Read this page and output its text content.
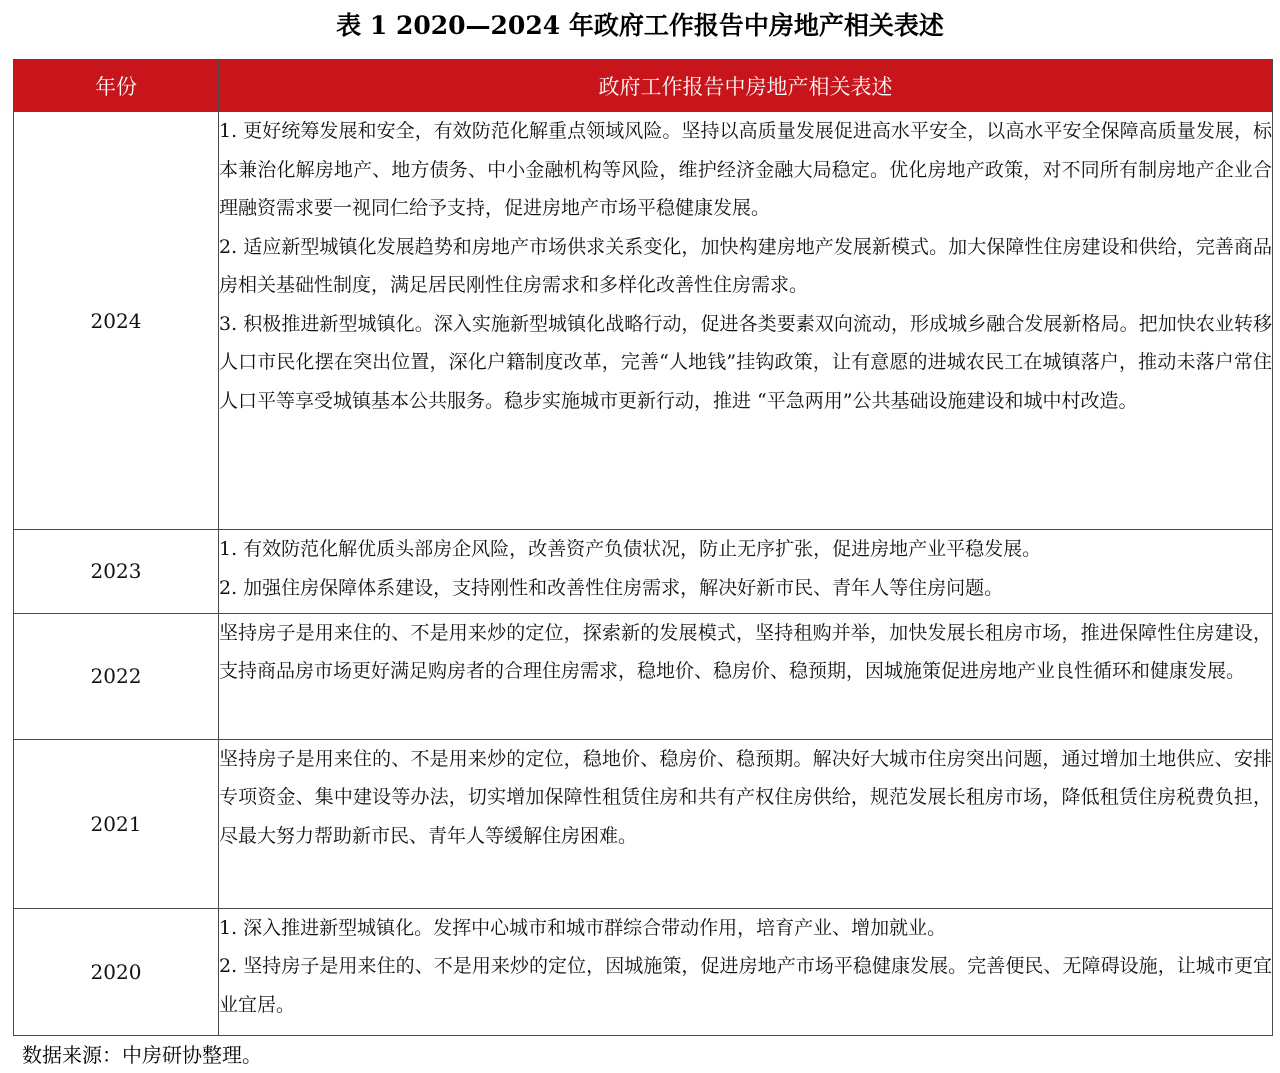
表 1 2020—2024 年政府工作报告中房地产相关表述
年份	政府工作报告中房地产相关表述
2024	1. 更好统筹发展和安全，有效防范化解重点领域风险。坚持以高质量发展促进高水平安全，以高水平安全保障高质量发展，标本兼治化解房地产、地方债务、中小金融机构等风险，维护经济金融大局稳定。优化房地产政策，对不同所有制房地产企业合理融资需求要一视同仁给予支持，促进房地产市场平稳健康发展。

2. 适应新型城镇化发展趋势和房地产市场供求关系变化，加快构建房地产发展新模式。加大保障性住房建设和供给，完善商品房相关基础性制度，满足居民刚性住房需求和多样化改善性住房需求。

3. 积极推进新型城镇化。深入实施新型城镇化战略行动，促进各类要素双向流动，形成城乡融合发展新格局。把加快农业转移人口市民化摆在突出位置，深化户籍制度改革，完善“人地钱”挂钩政策，让有意愿的进城农民工在城镇落户，推动未落户常住人口平等享受城镇基本公共服务。稳步实施城市更新行动，推进 “平急两用”公共基础设施建设和城中村改造。

2023	1. 有效防范化解优质头部房企风险，改善资产负债状况，防止无序扩张，促进房地产业平稳发展。

2. 加强住房保障体系建设，支持刚性和改善性住房需求，解决好新市民、青年人等住房问题。

2022	坚持房子是用来住的、不是用来炒的定位，探索新的发展模式，坚持租购并举，加快发展长租房市场，推进保障性住房建设，支持商品房市场更好满足购房者的合理住房需求，稳地价、稳房价、稳预期，因城施策促进房地产业良性循环和健康发展。

2021	坚持房子是用来住的、不是用来炒的定位，稳地价、稳房价、稳预期。解决好大城市住房突出问题，通过增加土地供应、安排专项资金、集中建设等办法，切实增加保障性租赁住房和共有产权住房供给，规范发展长租房市场，降低租赁住房税费负担，尽最大努力帮助新市民、青年人等缓解住房困难。

2020	1. 深入推进新型城镇化。发挥中心城市和城市群综合带动作用，培育产业、增加就业。

2. 坚持房子是用来住的、不是用来炒的定位，因城施策，促进房地产市场平稳健康发展。完善便民、无障碍设施，让城市更宜业宜居。

数据来源：中房研协整理。
